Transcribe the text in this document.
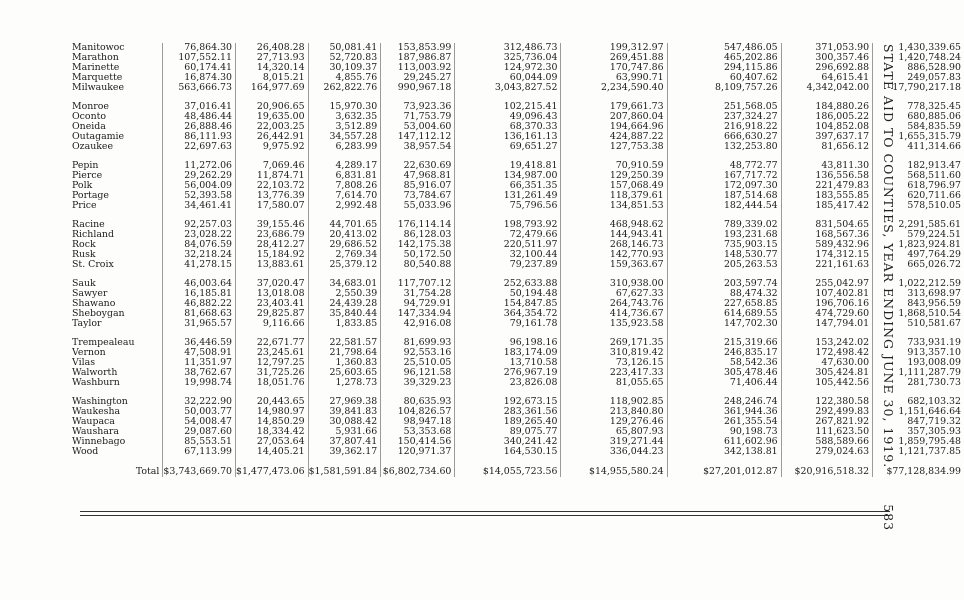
Manitowoc	76,864.30	26,408.28	50,081.41	153,853.99	312,486.73	199,312.97	547,486.05	371,053.90	1,430,339.65
Marathon	107,552.11	27,713.93	52,720.83	187,986.87	325,736.04	269,451.88	465,202.86	300,357.46	1,420,748.24
Marinette	60,174.41	14,320.14	30,109.37	113,003.92	124,972.30	170,747.86	294,115.86	296,692.88	886,528.90
Marquette	16,874.30	8,015.21	4,855.76	29,245.27	60,044.09	63,990.71	60,407.62	64,615.41	249,057.83
Milwaukee	563,666.73	164,977.69	262,822.76	990,967.18	3,043,827.52	2,234,590.40	8,109,757.26	4,342,042.00	17,790,217.18

Monroe	37,016.41	20,906.65	15,970.30	73,923.36	102,215.41	179,661.73	251,568.05	184,880.26	778,325.45
Oconto	48,486.44	19,635.00	3,632.35	71,753.79	49,096.43	207,860.04	237,324.27	186,005.22	680,885.06
Oneida	26,888.46	22,003.25	3,512.89	53,004.60	68,370.33	194,664.96	216,918.22	104,852.08	584,835.59
Outagamie	86,111.93	26,442.91	34,557.28	147,112.12	136,161.13	424,887.22	666,630.27	397,637.17	1,655,315.79
Ozaukee	22,697.63	9,975.92	6,283.99	38,957.54	69,651.27	127,753.38	132,253.80	81,656.12	411,314.66

Pepin	11,272.06	7,069.46	4,289.17	22,630.69	19,418.81	70,910.59	48,772.77	43,811.30	182,913.47
Pierce	29,262.29	11,874.71	6,831.81	47,968.81	134,987.00	129,250.39	167,717.72	136,556.58	568,511.60
Polk	56,004.09	22,103.72	7,808.26	85,916.07	66,351.35	157,068.49	172,097.30	221,479.83	618,796.97
Portage	52,393.58	13,776.39	7,614.70	73,784.67	131,261.49	118,379.61	187,514.68	183,555.85	620,711.66
Price	34,461.41	17,580.07	2,992.48	55,033.96	75,796.56	134,851.53	182,444.54	185,417.42	578,510.05

Racine	92,257.03	39,155.46	44,701.65	176,114.14	198,793.92	468,948.62	789,339.02	831,504.65	2,291,585.61
Richland	23,028.22	23,686.79	20,413.02	86,128.03	72,479.66	144,943.41	193,231.68	168,567.36	579,224.51
Rock	84,076.59	28,412.27	29,686.52	142,175.38	220,511.97	268,146.73	735,903.15	589,432.96	1,823,924.81
Rusk	32,218.24	15,184.92	2,769.34	50,172.50	32,100.44	142,770.93	148,530.77	174,312.15	497,764.29
St. Croix	41,278.15	13,883.61	25,379.12	80,540.88	79,237.89	159,363.67	205,263.53	221,161.63	665,026.72

Sauk	46,003.64	37,020.47	34,683.01	117,707.12	252,633.88	310,938.00	203,597.74	255,042.97	1,022,212.59
Sawyer	16,185.81	13,018.08	2,550.39	31,754.28	50,194.48	67,627.33	88,474.32	107,402.81	313,698.97
Shawano	46,882.22	23,403.41	24,439.28	94,729.91	154,847.85	264,743.76	227,658.85	196,706.16	843,956.59
Sheboygan	81,668.63	29,825.87	35,840.44	147,334.94	364,354.72	414,736.67	614,689.55	474,729.60	1,868,510.54
Taylor	31,965.57	9,116.66	1,833.85	42,916.08	79,161.78	135,923.58	147,702.30	147,794.01	510,581.67

Trempealeau	36,446.59	22,671.77	22,581.57	81,699.93	96,198.16	269,171.35	215,319.66	153,242.02	733,931.19
Vernon	47,508.91	23,245.61	21,798.64	92,553.16	183,174.09	310,819.42	246,835.17	172,498.42	913,357.10
Vilas	11,351.97	12,797.25	1,360.83	25,510.05	13,710.58	73,126.15	58,542.36	47,630.00	193,008.09
Walworth	38,762.67	31,725.26	25,603.65	96,121.58	276,967.19	223,417.33	305,478.46	305,424.81	1,111,287.79
Washburn	19,998.74	18,051.76	1,278.73	39,329.23	23,826.08	81,055.65	71,406.44	105,442.56	281,730.73

Washington	32,222.90	20,443.65	27,969.38	80,635.93	192,673.15	118,902.85	248,246.74	122,380.58	682,103.32
Waukesha	50,003.77	14,980.97	39,841.83	104,826.57	283,361.56	213,840.80	361,944.36	292,499.83	1,151,646.64
Waupaca	54,008.47	14,850.29	30,088.42	98,947.18	189,265.40	129,276.46	261,355.54	267,821.92	847,719.32
Waushara	29,087.60	18,334.42	5,931.66	53,353.68	89,075.77	65,807.93	90,198.73	111,623.50	357,305.93
Winnebago	85,553.51	27,053.64	37,807.41	150,414.56	340,241.42	319,271.44	611,602.96	588,589.66	1,859,795.48
Wood	67,113.99	14,405.21	39,362.17	120,971.37	164,530.15	336,044.23	342,138.81	279,024.63	1,121,737.85
Total	$3,743,669.70	$1,477,473.06	$1,581,591.84	$6,802,734.60	$14,055,723.56	$14,955,580.24	$27,201,012.87	$20,916,518.32	$77,128,834.99
STATE AID TO COUNTIES, YEAR ENDING JUNE 30, 1919.583
